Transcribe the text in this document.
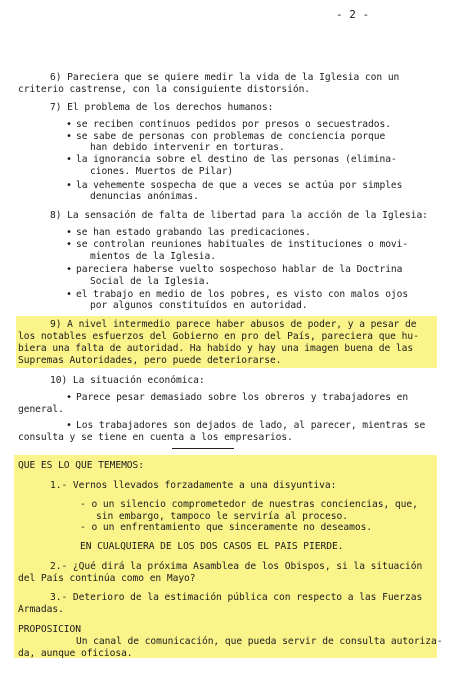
- 2 -
6) Pareciera que se quiere medir la vida de la Iglesia con un
criterio castrense, con la consiguiente distorsión.
7) El problema de los derechos humanos:
• se reciben continuos pedidos por presos o secuestrados.
• se sabe de personas con problemas de conciencia porque
han debido intervenir en torturas.
• la ignorancia sobre el destino de las personas (elimina-
ciones. Muertos de Pilar)
• la vehemente sospecha de que a veces se actúa por simples
denuncias anónimas.
8) La sensación de falta de libertad para la acción de la Iglesia:
• se han estado grabando las predicaciones.
• se controlan reuniones habituales de instituciones o movi-
mientos de la Iglesia.
• pareciera haberse vuelto sospechoso hablar de la Doctrina
Social de la Iglesia.
• el trabajo en medio de los pobres, es visto con malos ojos
por algunos constituídos en autoridad.
9) A nivel intermedio parece haber abusos de poder, y a pesar de
los notables esfuerzos del Gobierno en pro del País, pareciera que hu-
biera una falta de autoridad. Ha habido y hay una imagen buena de las
Supremas Autoridades, pero puede deteriorarse.
10) La situación económica:
• Parece pesar demasiado sobre los obreros y trabajadores en
general.
• Los trabajadores son dejados de lado, al parecer, mientras se
consulta y se tiene en cuenta a los empresarios.
QUE ES LO QUE TEMEMOS:
1.- Vernos llevados forzadamente a una disyuntiva:
- o un silencio comprometedor de nuestras conciencias, que,
sin embargo, tampoco le serviría al proceso.
- o un enfrentamiento que sinceramente no deseamos.
EN CUALQUIERA DE LOS DOS CASOS EL PAIS PIERDE.
2.- ¿Qué dirá la próxima Asamblea de los Obispos, si la situación
del País continúa como en Mayo?
3.- Deterioro de la estimación pública con respecto a las Fuerzas
Armadas.
PROPOSICION
Un canal de comunicación, que pueda servir de consulta autoriza-
da, aunque oficiosa.
